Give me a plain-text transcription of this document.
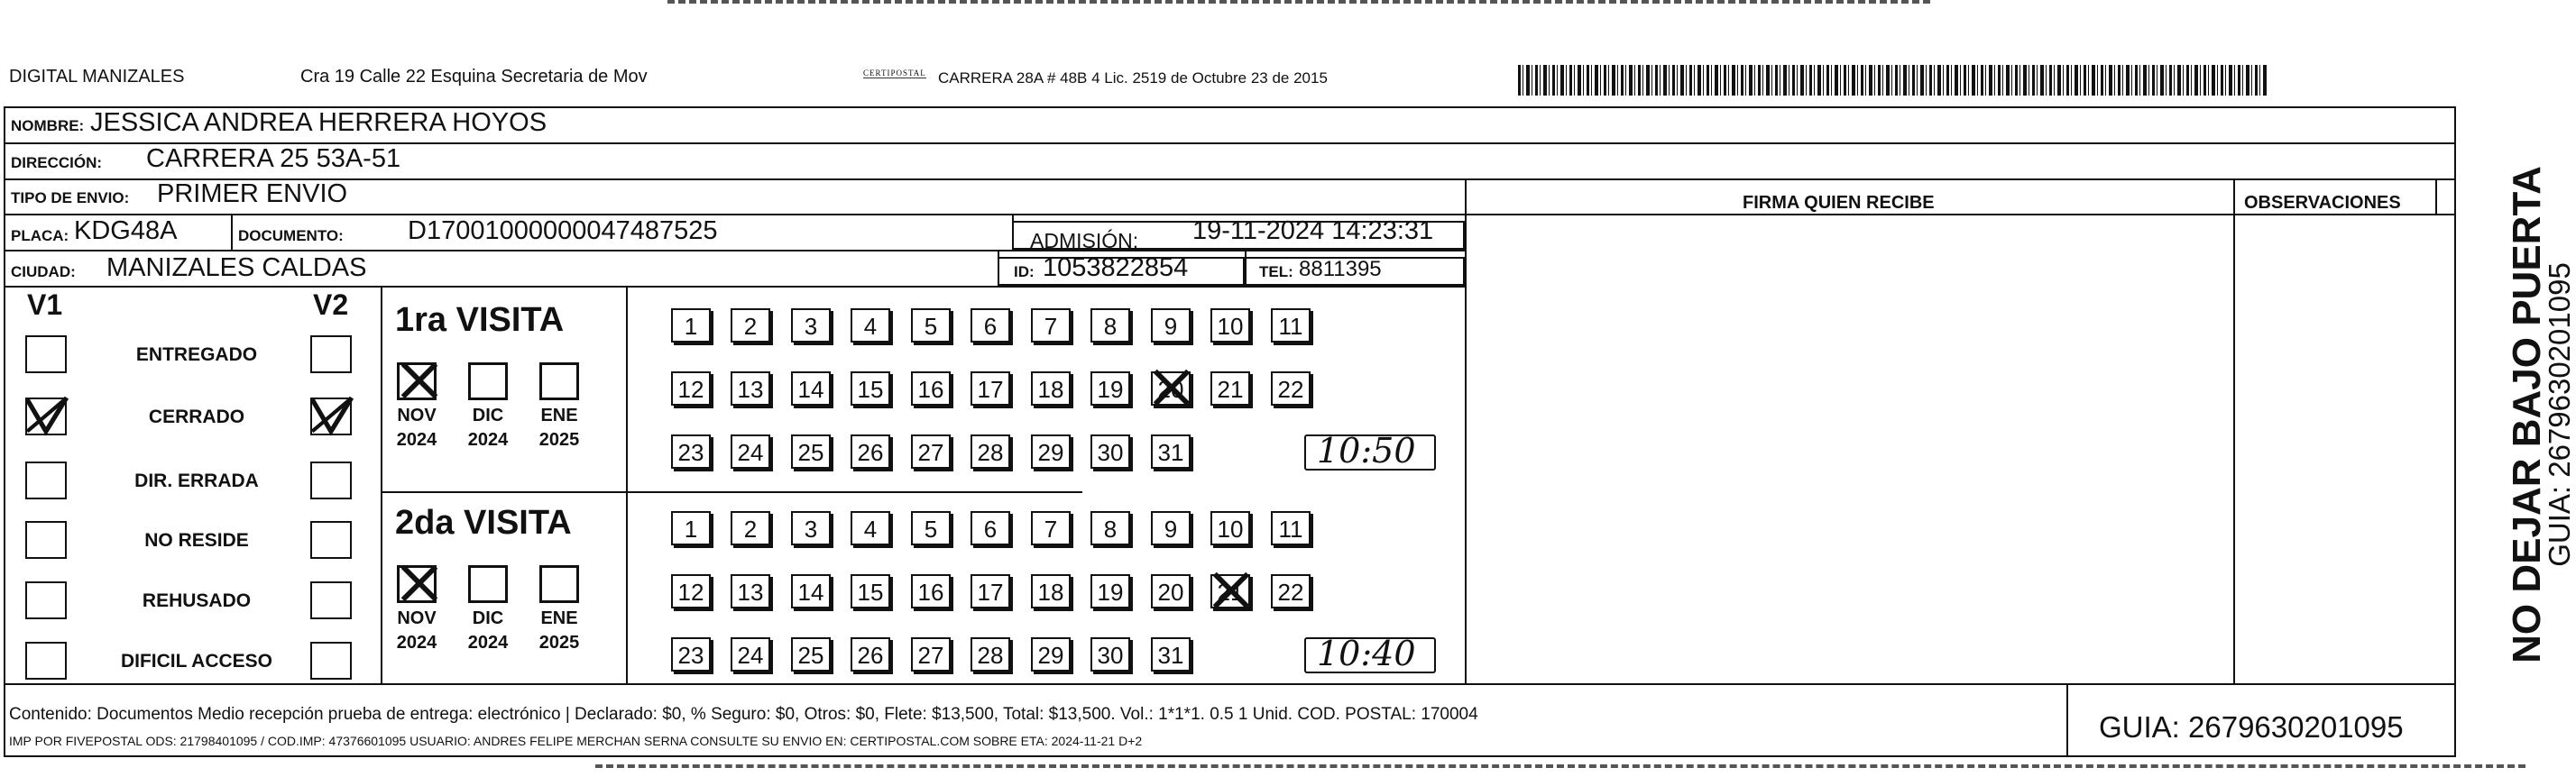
DIGITAL MANIZALES	Cra 19 Calle 22 Esquina Secretaria de Mov	CERTIPOSTAL CARRERA 28A # 48B 4 Lic. 2519 de Octubre 23 de 2015
NOMBRE: JESSICA ANDREA HERRERA HOYOS
DIRECCIÓN: CARRERA 25 53A-51
TIPO DE ENVIO: PRIMER ENVIO
PLACA: KDG48A	DOCUMENTO: D17001000000047487525	ADMISIÓN: 19-11-2024 14:23:31
CIUDAD: MANIZALES CALDAS	ID: 1053822854	TEL: 8811395
FIRMA QUIEN RECIBE	OBSERVACIONES
V1	V2
ENTREGADO
CERRADO
DIR. ERRADA
NO RESIDE
REHUSADO
DIFICIL ACCESO
1ra VISITA
NOV
2024
DIC
2024
ENE
2025
1	2	3	4	5	6	7	8	9	10	11
12 13 14 15 16 17 18 19 20 21 22
23 24 25 26 27 28 29 30 31	10:50
2da VISITA
NOV
2024
DIC
2024
ENE
2025
1	2	3	4	5	6	7	8	9	10	11
12 13 14 15 16 17 18 19 20 21 22
23 24 25 26 27 28 29 30 31	10:40
Contenido: Documentos Medio recepción prueba de entrega: electrónico | Declarado: $0, % Seguro: $0, Otros: $0, Flete: $13,500, Total: $13,500. Vol.: 1*1*1. 0.5 1 Unid. COD. POSTAL: 170004
IMP POR FIVEPOSTAL ODS: 21798401095 / COD.IMP: 47376601095 USUARIO: ANDRES FELIPE MERCHAN SERNA CONSULTE SU ENVIO EN: CERTIPOSTAL.COM SOBRE ETA: 2024-11-21 D+2	GUIA: 2679630201095
NO DEJAR BAJO PUERTA
GUIA: 2679630201095
